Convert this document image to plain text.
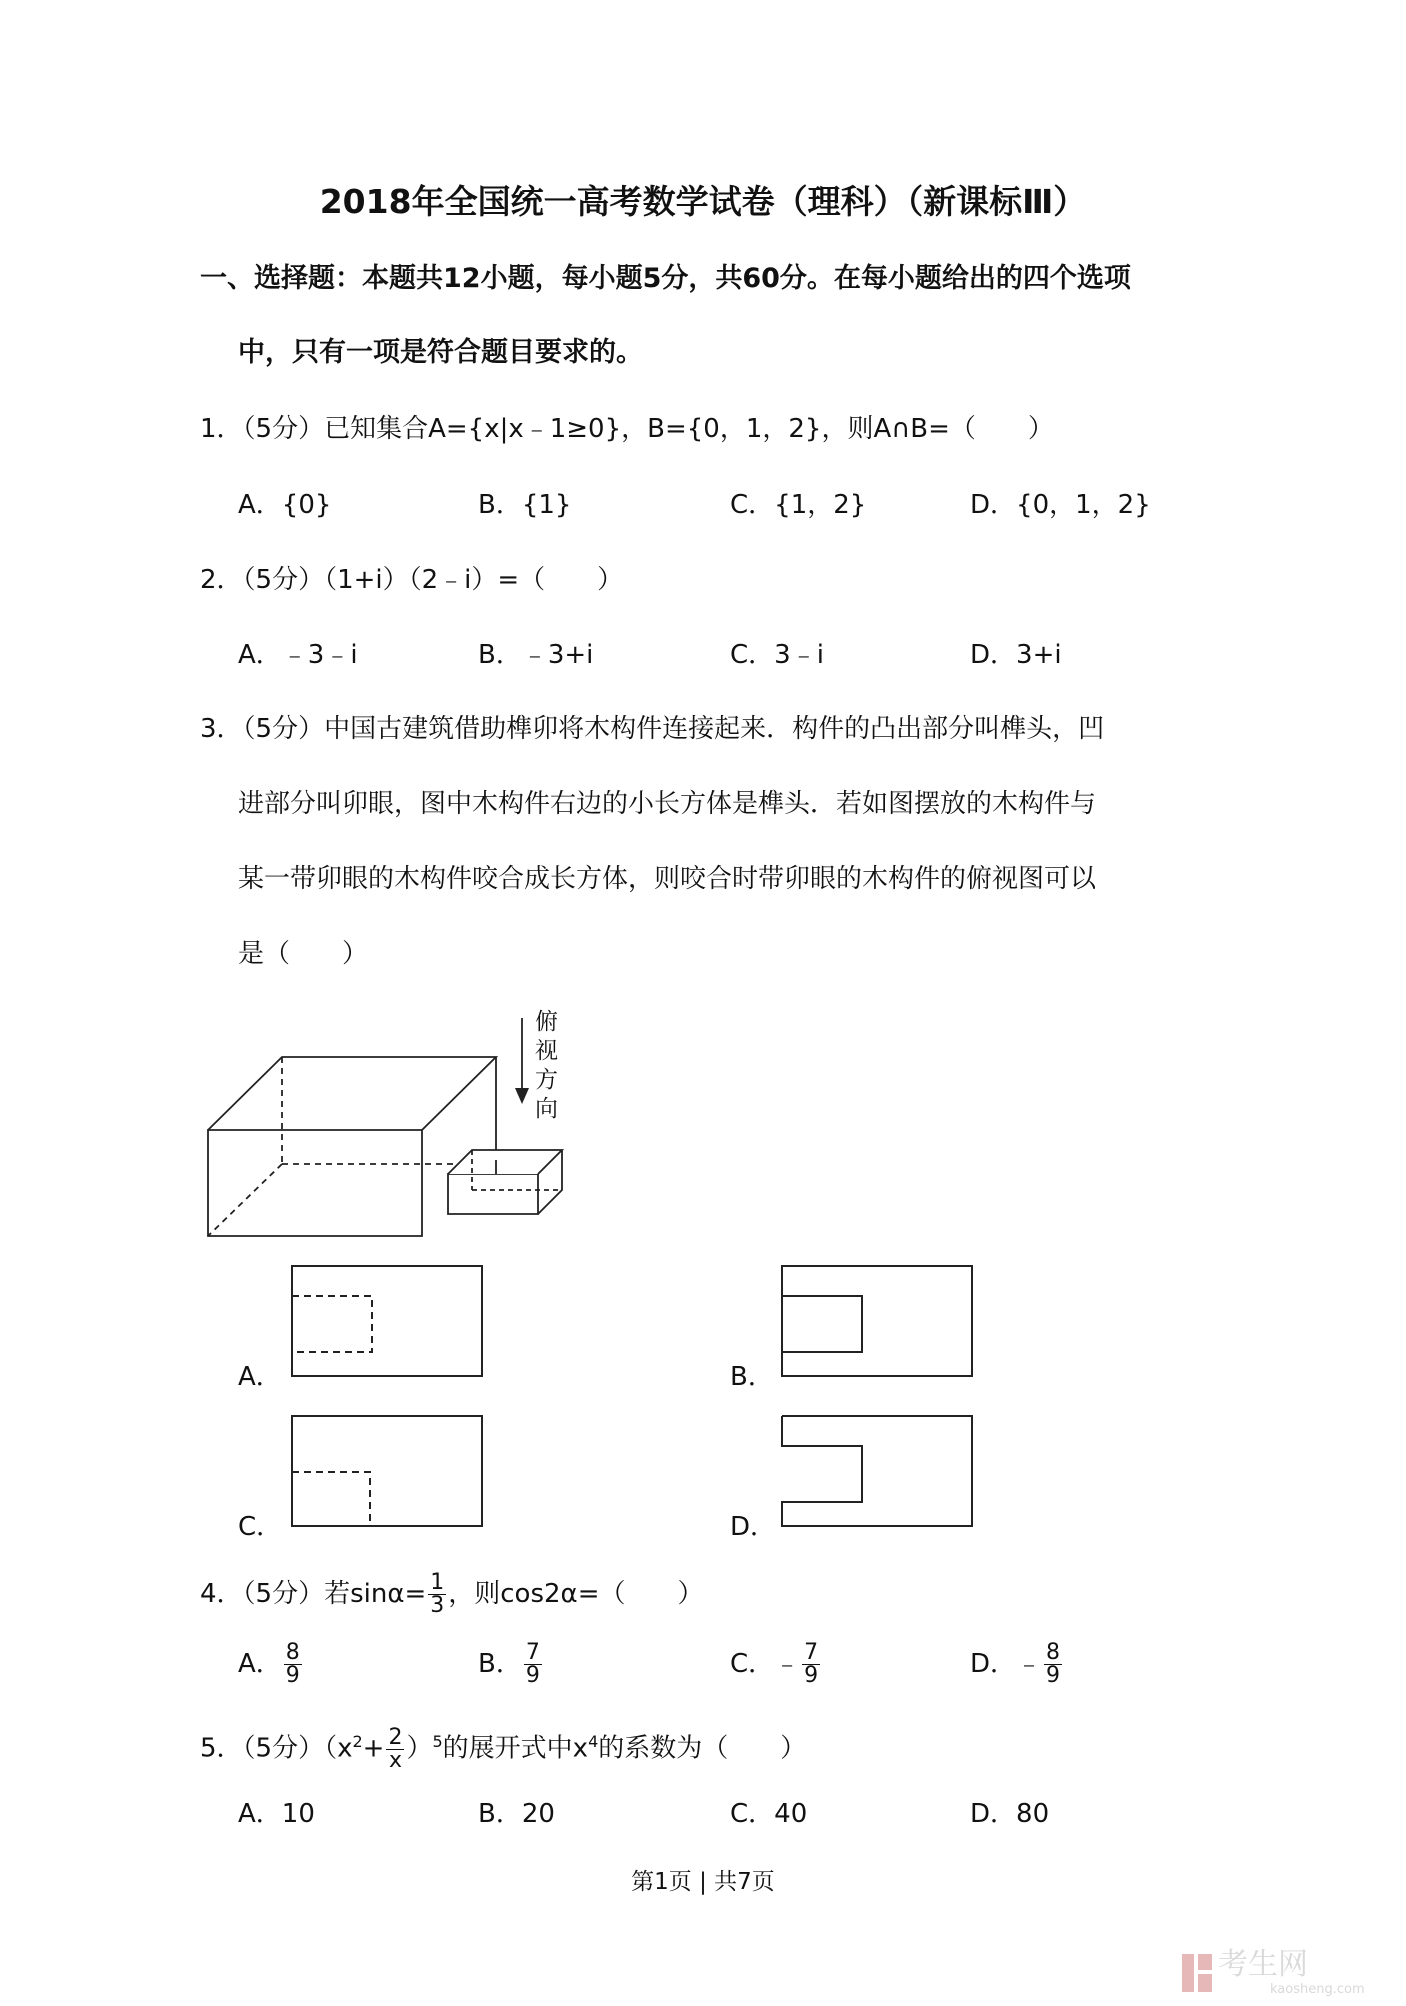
2018年全国统一高考数学试卷（理科）（新课标Ⅲ）
一、选择题：本题共12小题，每小题5分，共60分。在每小题给出的四个选项
中，只有一项是符合题目要求的。
1．（5分）已知集合A={x|x﹣1≥0}，B={0，1，2}，则A∩B=（　　）
A．{0}	B．{1}	C．{1，2}	D．{0，1，2}
2．（5分）（1+i）（2﹣i）=（　　）
A．﹣3﹣i	B．﹣3+i	C．3﹣i	D．3+i
3．（5分）中国古建筑借助榫卯将木构件连接起来．构件的凸出部分叫榫头，凹
进部分叫卯眼，图中木构件右边的小长方体是榫头．若如图摆放的木构件与
某一带卯眼的木构件咬合成长方体，则咬合时带卯眼的木构件的俯视图可以
是（　　）
俯
视
方
向
A．	B．
C．	D．
4．（5分）若$\sin\alpha= \frac{1}{3}$ ，则cos2α=（　　）
A． $\frac{8}{9}$	B． $\frac{7}{9}$	C．﹣ $\frac{7}{9}$	D．﹣ $\frac{8}{9}$
5．（5分）$(x^2+ \frac{2}{x} )^5$的展开式中$x^4$的系数为（　　）
A．10	B．20	C．40	D．80
第1页 | 共7页
考生网
kaosheng.com
